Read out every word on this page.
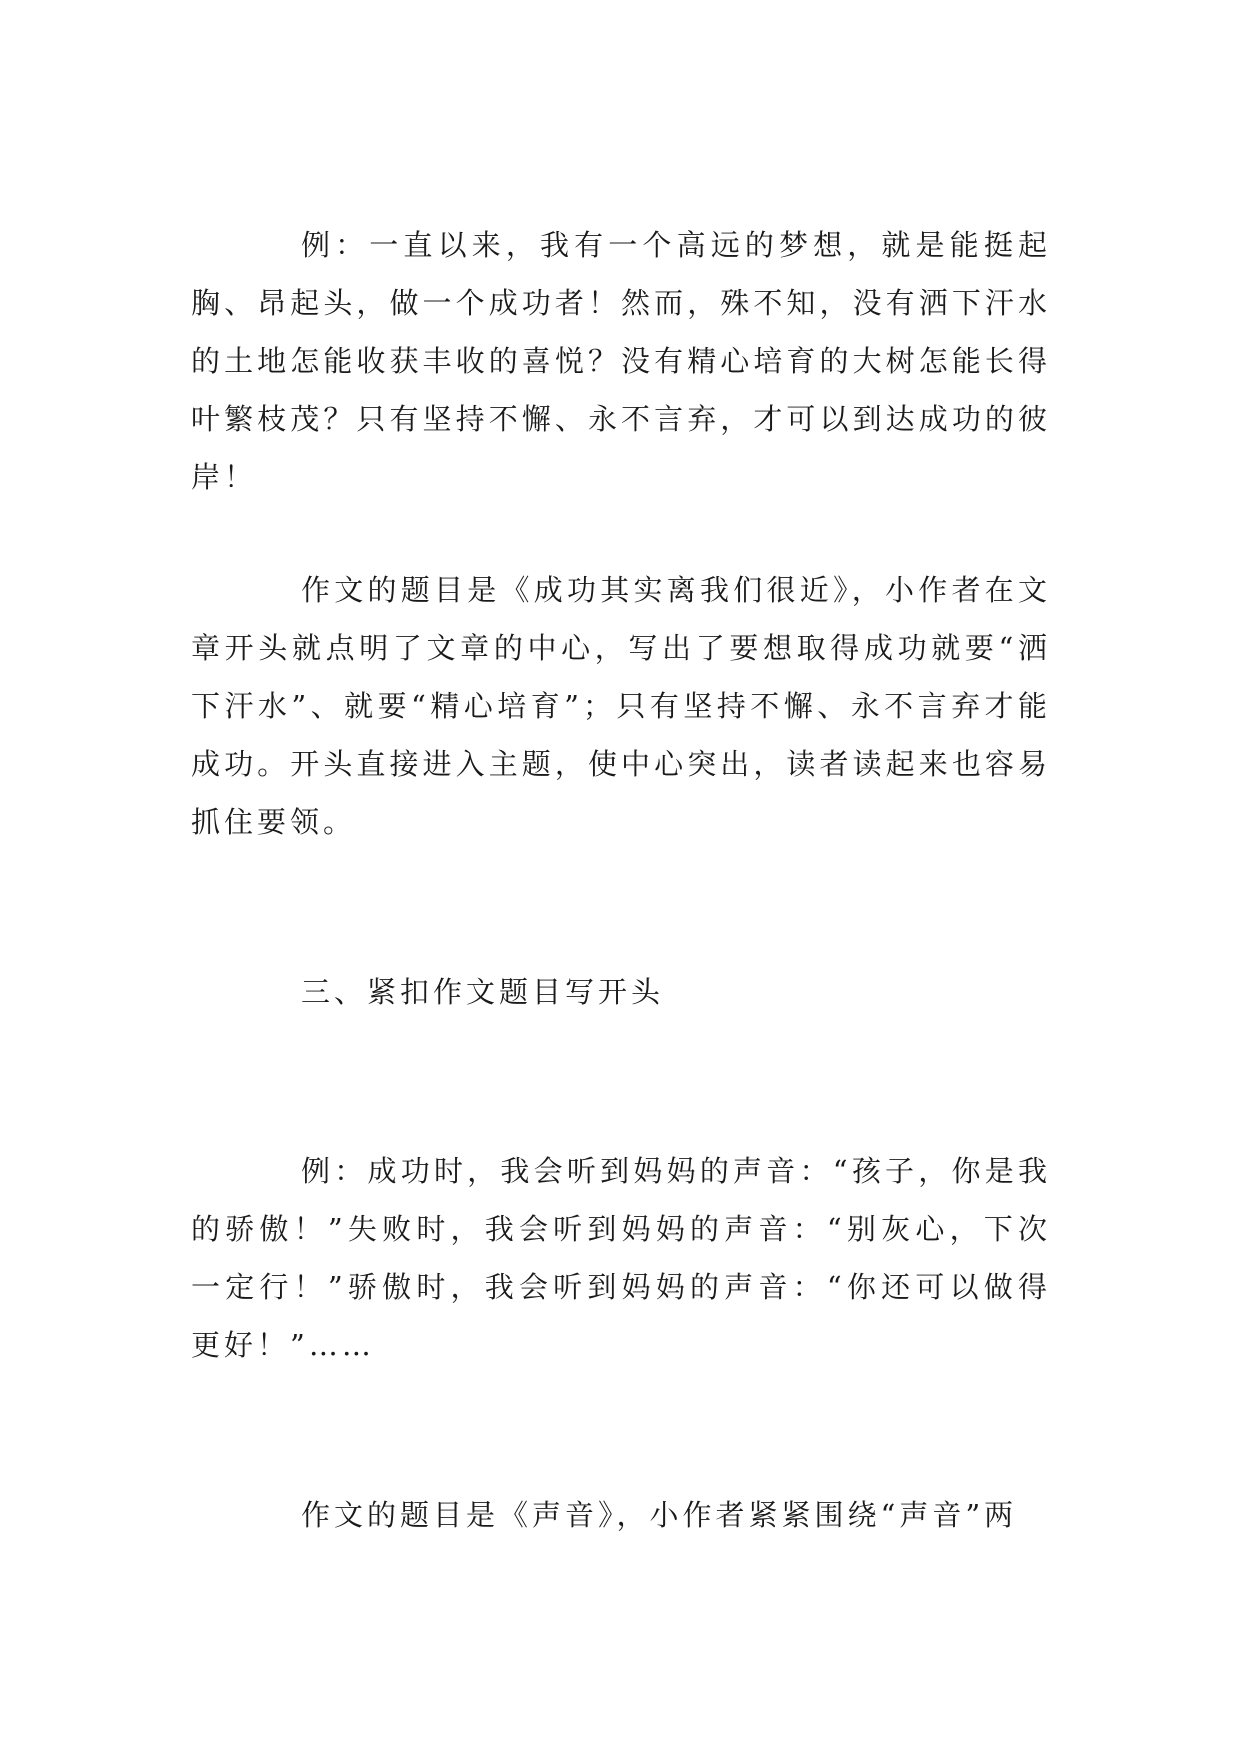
例：一直以来，我有一个高远的梦想，就是能挺起胸、昂起头，做一个成功者！然而，殊不知，没有洒下汗水的土地怎能收获丰收的喜悦？没有精心培育的大树怎能长得叶繁枝茂？只有坚持不懈、永不言弃，才可以到达成功的彼岸！

作文的题目是《成功其实离我们很近》，小作者在文章开头就点明了文章的中心，写出了要想取得成功就要“洒下汗水”、就要“精心培育”；只有坚持不懈、永不言弃才能成功。开头直接进入主题，使中心突出，读者读起来也容易抓住要领。

三、紧扣作文题目写开头

例：成功时，我会听到妈妈的声音：“孩子，你是我的骄傲！”失败时，我会听到妈妈的声音：“别灰心，下次一定行！”骄傲时，我会听到妈妈的声音：“你还可以做得更好！”……

作文的题目是《声音》，小作者紧紧围绕“声音”两
